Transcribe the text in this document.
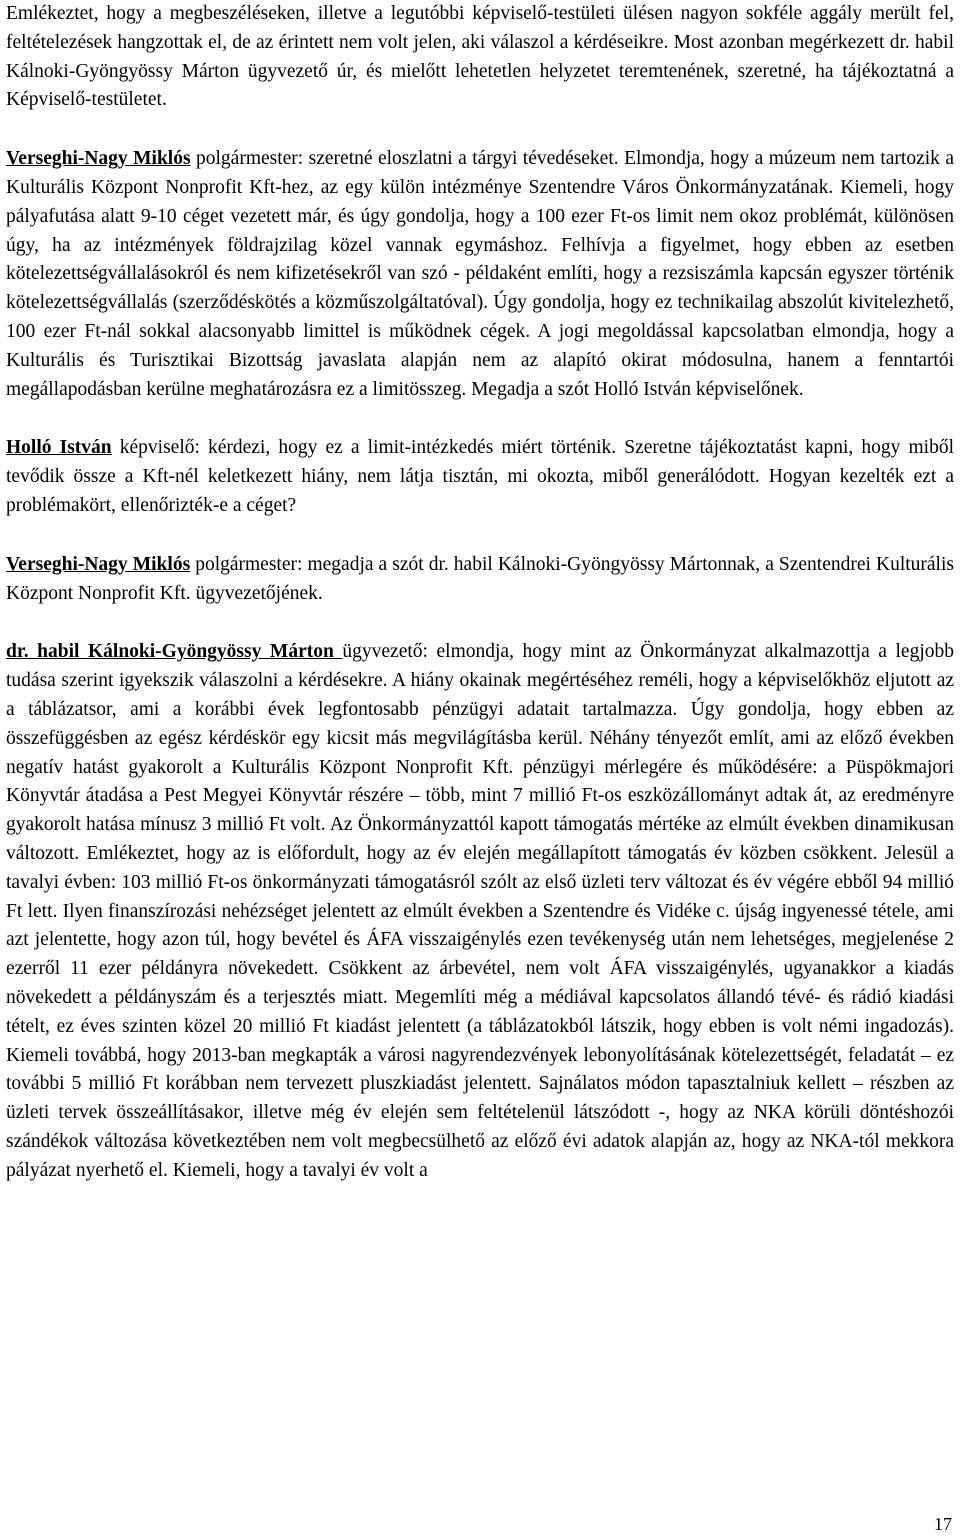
Emlékeztet, hogy a megbeszéléseken, illetve a legutóbbi képviselő-testületi ülésen nagyon sokféle aggály merült fel, feltételezések hangzottak el, de az érintett nem volt jelen, aki válaszol a kérdéseikre. Most azonban megérkezett dr. habil Kálnoki-Gyöngyössy Márton ügyvezető úr, és mielőtt lehetetlen helyzetet teremtenének, szeretné, ha tájékoztatná a Képviselő-testületet.

Verseghi-Nagy Miklós polgármester: szeretné eloszlatni a tárgyi tévedéseket. Elmondja, hogy a múzeum nem tartozik a Kulturális Központ Nonprofit Kft-hez, az egy külön intézménye Szentendre Város Önkormányzatának. Kiemeli, hogy pályafutása alatt 9-10 céget vezetett már, és úgy gondolja, hogy a 100 ezer Ft-os limit nem okoz problémát, különösen úgy, ha az intézmények földrajzilag közel vannak egymáshoz. Felhívja a figyelmet, hogy ebben az esetben kötelezettségvállalásokról és nem kifizetésekről van szó - példaként említi, hogy a rezsiszámla kapcsán egyszer történik kötelezettségvállalás (szerződéskötés a közműszolgáltatóval). Úgy gondolja, hogy ez technikailag abszolút kivitelezhető, 100 ezer Ft-nál sokkal alacsonyabb limittel is működnek cégek. A jogi megoldással kapcsolatban elmondja, hogy a Kulturális és Turisztikai Bizottság javaslata alapján nem az alapító okirat módosulna, hanem a fenntartói megállapodásban kerülne meghatározásra ez a limitösszeg. Megadja a szót Holló István képviselőnek.

Holló István képviselő: kérdezi, hogy ez a limit-intézkedés miért történik. Szeretne tájékoztatást kapni, hogy miből tevődik össze a Kft-nél keletkezett hiány, nem látja tisztán, mi okozta, miből generálódott. Hogyan kezelték ezt a problémakört, ellenőrizték-e a céget?

Verseghi-Nagy Miklós polgármester: megadja a szót dr. habil Kálnoki-Gyöngyössy Mártonnak, a Szentendrei Kulturális Központ Nonprofit Kft. ügyvezetőjének.

dr. habil Kálnoki-Gyöngyössy Márton ügyvezető: elmondja, hogy mint az Önkormányzat alkalmazottja a legjobb tudása szerint igyekszik válaszolni a kérdésekre. A hiány okainak megértéséhez reméli, hogy a képviselőkhöz eljutott az a táblázatsor, ami a korábbi évek legfontosabb pénzügyi adatait tartalmazza. Úgy gondolja, hogy ebben az összefüggésben az egész kérdéskör egy kicsit más megvilágításba kerül. Néhány tényezőt említ, ami az előző években negatív hatást gyakorolt a Kulturális Központ Nonprofit Kft. pénzügyi mérlegére és működésére: a Püspökmajori Könyvtár átadása a Pest Megyei Könyvtár részére – több, mint 7 millió Ft-os eszközállományt adtak át, az eredményre gyakorolt hatása mínusz 3 millió Ft volt. Az Önkormányzattól kapott támogatás mértéke az elmúlt években dinamikusan változott. Emlékeztet, hogy az is előfordult, hogy az év elején megállapított támogatás év közben csökkent. Jelesül a tavalyi évben: 103 millió Ft-os önkormányzati támogatásról szólt az első üzleti terv változat és év végére ebből 94 millió Ft lett. Ilyen finanszírozási nehézséget jelentett az elmúlt években a Szentendre és Vidéke c. újság ingyenessé tétele, ami azt jelentette, hogy azon túl, hogy bevétel és ÁFA visszaigénylés ezen tevékenység után nem lehetséges, megjelenése 2 ezerről 11 ezer példányra növekedett. Csökkent az árbevétel, nem volt ÁFA visszaigénylés, ugyanakkor a kiadás növekedett a példányszám és a terjesztés miatt. Megemlíti még a médiával kapcsolatos állandó tévé- és rádió kiadási tételt, ez éves szinten közel 20 millió Ft kiadást jelentett (a táblázatokból látszik, hogy ebben is volt némi ingadozás). Kiemeli továbbá, hogy 2013-ban megkapták a városi nagyrendezvények lebonyolításának kötelezettségét, feladatát – ez további 5 millió Ft korábban nem tervezett pluszkiadást jelentett. Sajnálatos módon tapasztalniuk kellett – részben az üzleti tervek összeállításakor, illetve még év elején sem feltételenül látszódott -, hogy az NKA körüli döntéshozói szándékok változása következtében nem volt megbecsülhető az előző évi adatok alapján az, hogy az NKA-tól mekkora pályázat nyerhető el. Kiemeli, hogy a tavalyi év volt a

17
